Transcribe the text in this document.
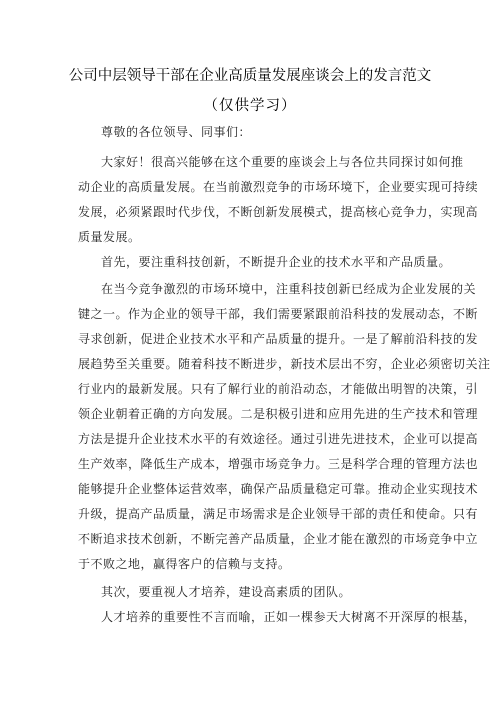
公司中层领导干部在企业高质量发展座谈会上的发言范文
（仅供学习）
尊敬的各位领导、同事们：
大家好！很高兴能够在这个重要的座谈会上与各位共同探讨如何推
动企业的高质量发展。在当前激烈竞争的市场环境下，企业要实现可持续
发展，必须紧跟时代步伐，不断创新发展模式，提高核心竞争力，实现高
质量发展。
首先，要注重科技创新，不断提升企业的技术水平和产品质量。
在当今竞争激烈的市场环境中，注重科技创新已经成为企业发展的关
键之一。作为企业的领导干部，我们需要紧跟前沿科技的发展动态，不断
寻求创新，促进企业技术水平和产品质量的提升。一是了解前沿科技的发
展趋势至关重要。随着科技不断进步，新技术层出不穷，企业必须密切关注
行业内的最新发展。只有了解行业的前沿动态，才能做出明智的决策，引
领企业朝着正确的方向发展。二是积极引进和应用先进的生产技术和管理
方法是提升企业技术水平的有效途径。通过引进先进技术，企业可以提高
生产效率，降低生产成本，增强市场竞争力。三是科学合理的管理方法也
能够提升企业整体运营效率，确保产品质量稳定可靠。推动企业实现技术
升级，提高产品质量，满足市场需求是企业领导干部的责任和使命。只有
不断追求技术创新，不断完善产品质量，企业才能在激烈的市场竞争中立
于不败之地，赢得客户的信赖与支持。
其次，要重视人才培养，建设高素质的团队。
人才培养的重要性不言而喻，正如一棵参天大树离不开深厚的根基，
